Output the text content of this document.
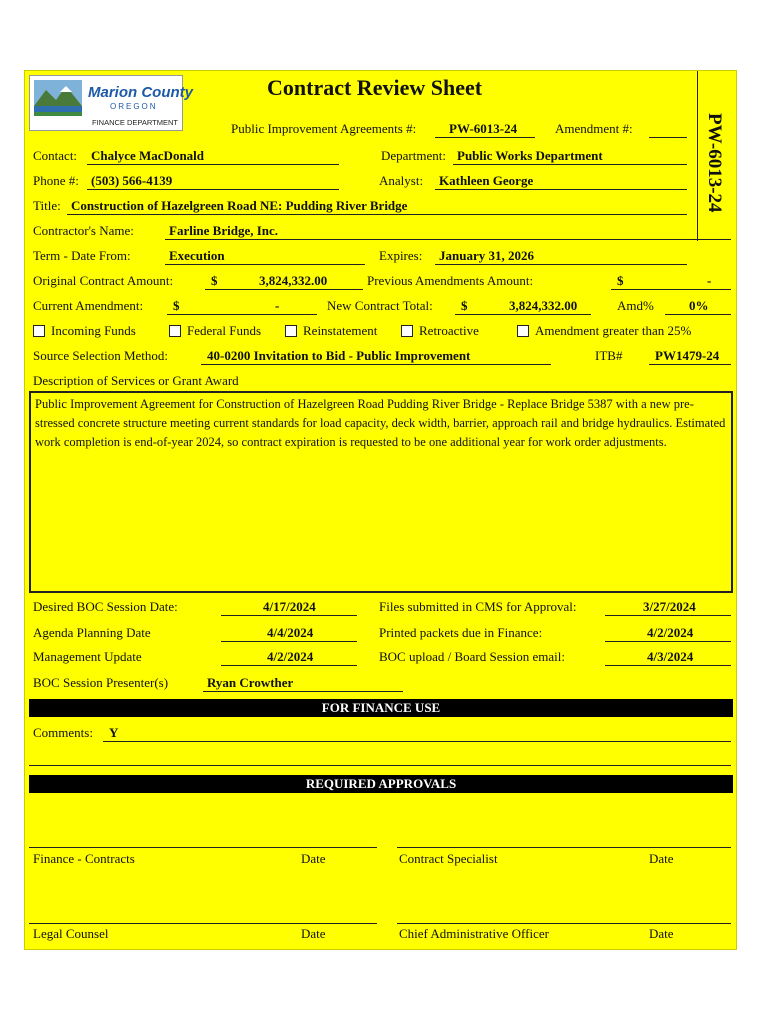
Marion County
OREGON
FINANCE DEPARTMENT
Contract Review Sheet
PW-6013-24
Public Improvement Agreements #:	PW-6013-24	Amendment #:
Contact: Chalyce MacDonald	Department: Public Works Department
Phone #: (503) 566-4139	Analyst: Kathleen George
Title: Construction of Hazelgreen Road NE: Pudding River Bridge
Contractor's Name:	Farline Bridge, Inc.
Term - Date From:	Execution	Expires: January 31, 2026
Original Contract Amount:	$	3,824,332.00	Previous Amendments Amount:	$	-
Current Amendment: $	-	New Contract Total: $	3,824,332.00	Amd%	0%
Incoming Funds	Federal Funds	Reinstatement	Retroactive	Amendment greater than 25%
Source Selection Method:	40-0200 Invitation to Bid - Public Improvement	ITB#	PW1479-24
Description of Services or Grant Award
Public Improvement Agreement for Construction of Hazelgreen Road Pudding River Bridge - Replace Bridge 5387 with a new pre-stressed concrete structure meeting current standards for load capacity, deck width, barrier, approach rail and bridge hydraulics. Estimated work completion is end-of-year 2024, so contract expiration is requested to be one additional year for work order adjustments.
Desired BOC Session Date:	4/17/2024	Files submitted in CMS for Approval:	3/27/2024
Agenda Planning Date	4/4/2024	Printed packets due in Finance:	4/2/2024
Management Update	4/2/2024	BOC upload / Board Session email:	4/3/2024
BOC Session Presenter(s)	Ryan Crowther
FOR FINANCE USE
Comments: Y
REQUIRED APPROVALS
Finance - Contracts	Date	Contract Specialist	Date
Legal Counsel	Date	Chief Administrative Officer	Date
